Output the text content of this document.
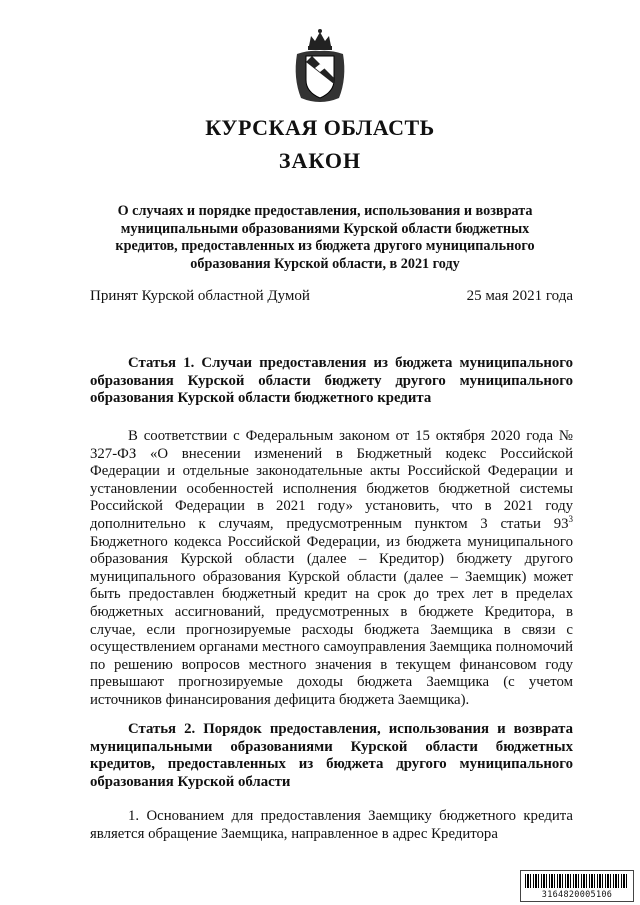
КУРСКАЯ ОБЛАСТЬ
ЗАКОН
О случаях и порядке предоставления, использования и возврата муниципальными образованиями Курской области бюджетных кредитов, предоставленных из бюджета другого муниципального образования Курской области, в 2021 году
Принят Курской областной Думой	25 мая 2021 года

Статья 1. Случаи предоставления из бюджета муниципального образования Курской области бюджету другого муниципального образования Курской области бюджетного кредита

В соответствии с Федеральным законом от 15 октября 2020 года № 327-ФЗ «О внесении изменений в Бюджетный кодекс Российской Федерации и отдельные законодательные акты Российской Федерации и установлении особенностей исполнения бюджетов бюджетной системы Российской Федерации в 2021 году» установить, что в 2021 году дополнительно к случаям, предусмотренным пунктом 3 статьи $93^3$ Бюджетного кодекса Российской Федерации, из бюджета муниципального образования Курской области (далее – Кредитор) бюджету другого муниципального образования Курской области (далее – Заемщик) может быть предоставлен бюджетный кредит на срок до трех лет в пределах бюджетных ассигнований, предусмотренных в бюджете Кредитора, в случае, если прогнозируемые расходы бюджета Заемщика в связи с осуществлением органами местного самоуправления Заемщика полномочий по решению вопросов местного значения в текущем финансовом году превышают прогнозируемые доходы бюджета Заемщика (с учетом источников финансирования дефицита бюджета Заемщика).

Статья 2. Порядок предоставления, использования и возврата муниципальными образованиями Курской области бюджетных кредитов, предоставленных из бюджета другого муниципального образования Курской области

1. Основанием для предоставления Заемщику бюджетного кредита является обращение Заемщика, направленное в адрес Кредитора

3164820005106
